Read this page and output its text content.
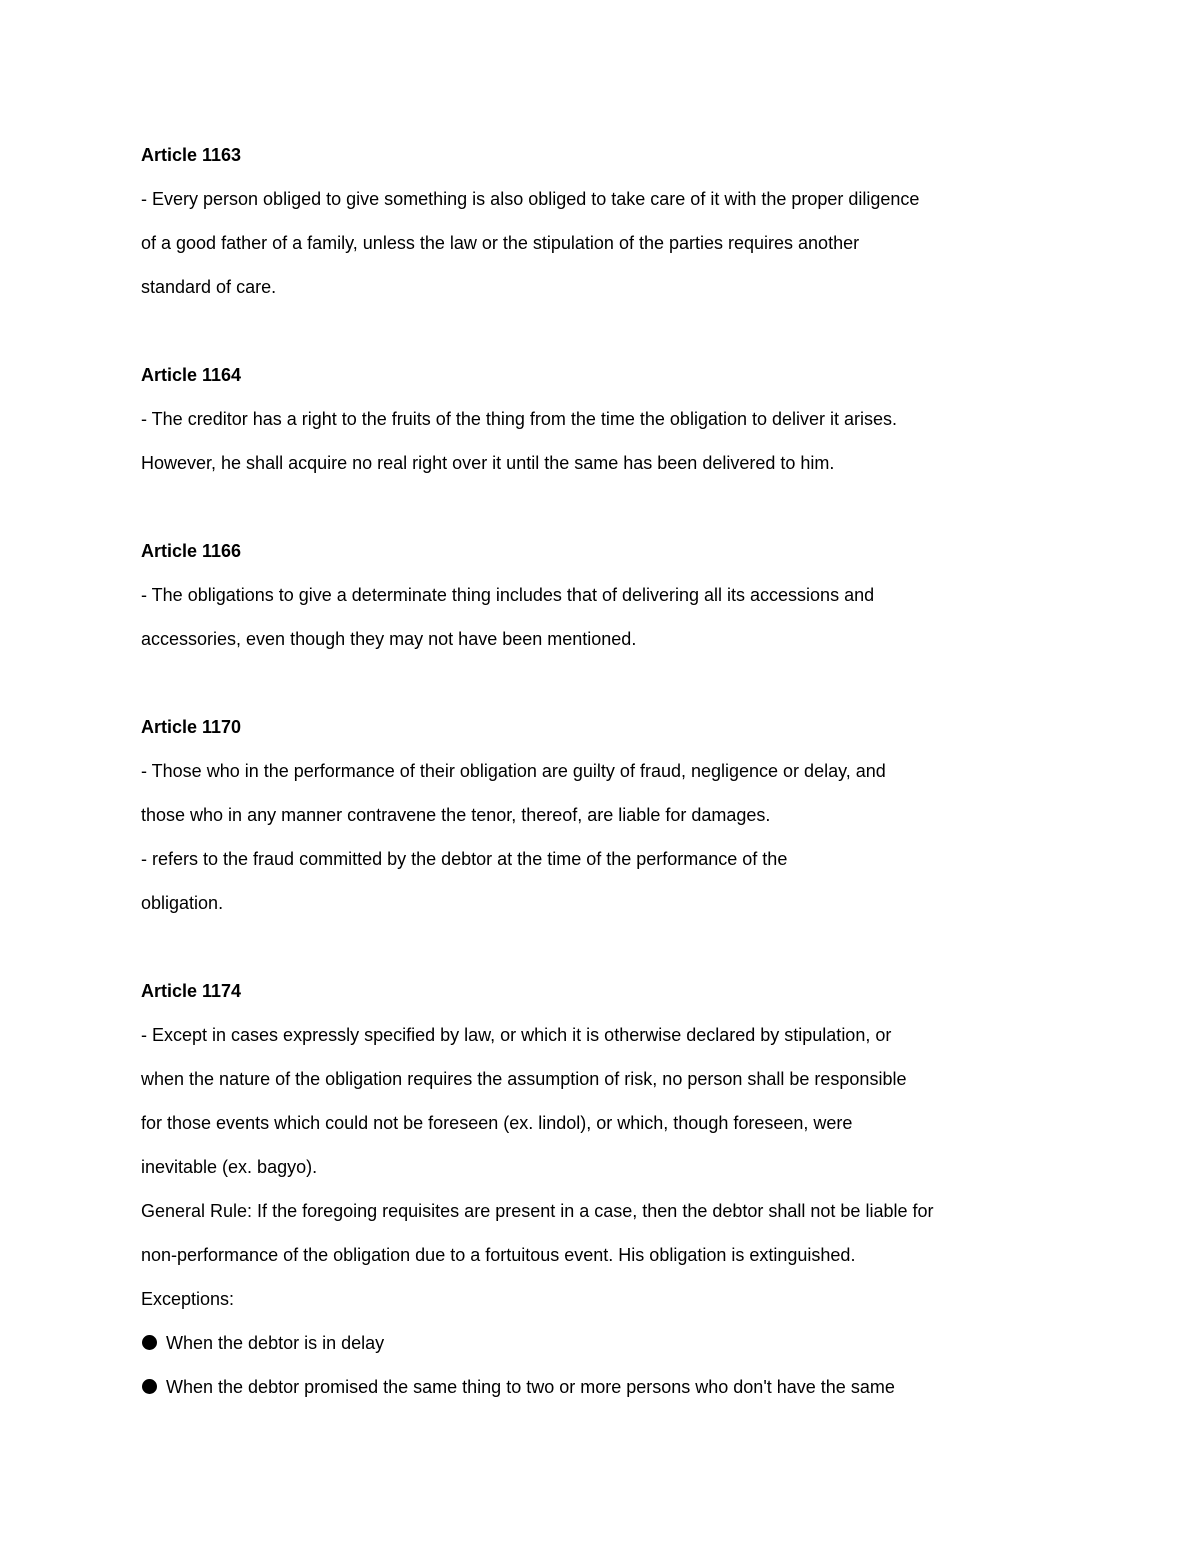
Article 1163
- Every person obliged to give something is also obliged to take care of it with the proper diligence
of a good father of a family, unless the law or the stipulation of the parties requires another
standard of care.
Article 1164
- The creditor has a right to the fruits of the thing from the time the obligation to deliver it arises.
However, he shall acquire no real right over it until the same has been delivered to him.
Article 1166
- The obligations to give a determinate thing includes that of delivering all its accessions and
accessories, even though they may not have been mentioned.
Article 1170
- Those who in the performance of their obligation are guilty of fraud, negligence or delay, and
those who in any manner contravene the tenor, thereof, are liable for damages.
- refers to the fraud committed by the debtor at the time of the performance of the
obligation.
Article 1174
- Except in cases expressly specified by law, or which it is otherwise declared by stipulation, or
when the nature of the obligation requires the assumption of risk, no person shall be responsible
for those events which could not be foreseen (ex. lindol), or which, though foreseen, were
inevitable (ex. bagyo).
General Rule: If the foregoing requisites are present in a case, then the debtor shall not be liable for
non-performance of the obligation due to a fortuitous event. His obligation is extinguished.
Exceptions:
When the debtor is in delay
When the debtor promised the same thing to two or more persons who don't have the same
